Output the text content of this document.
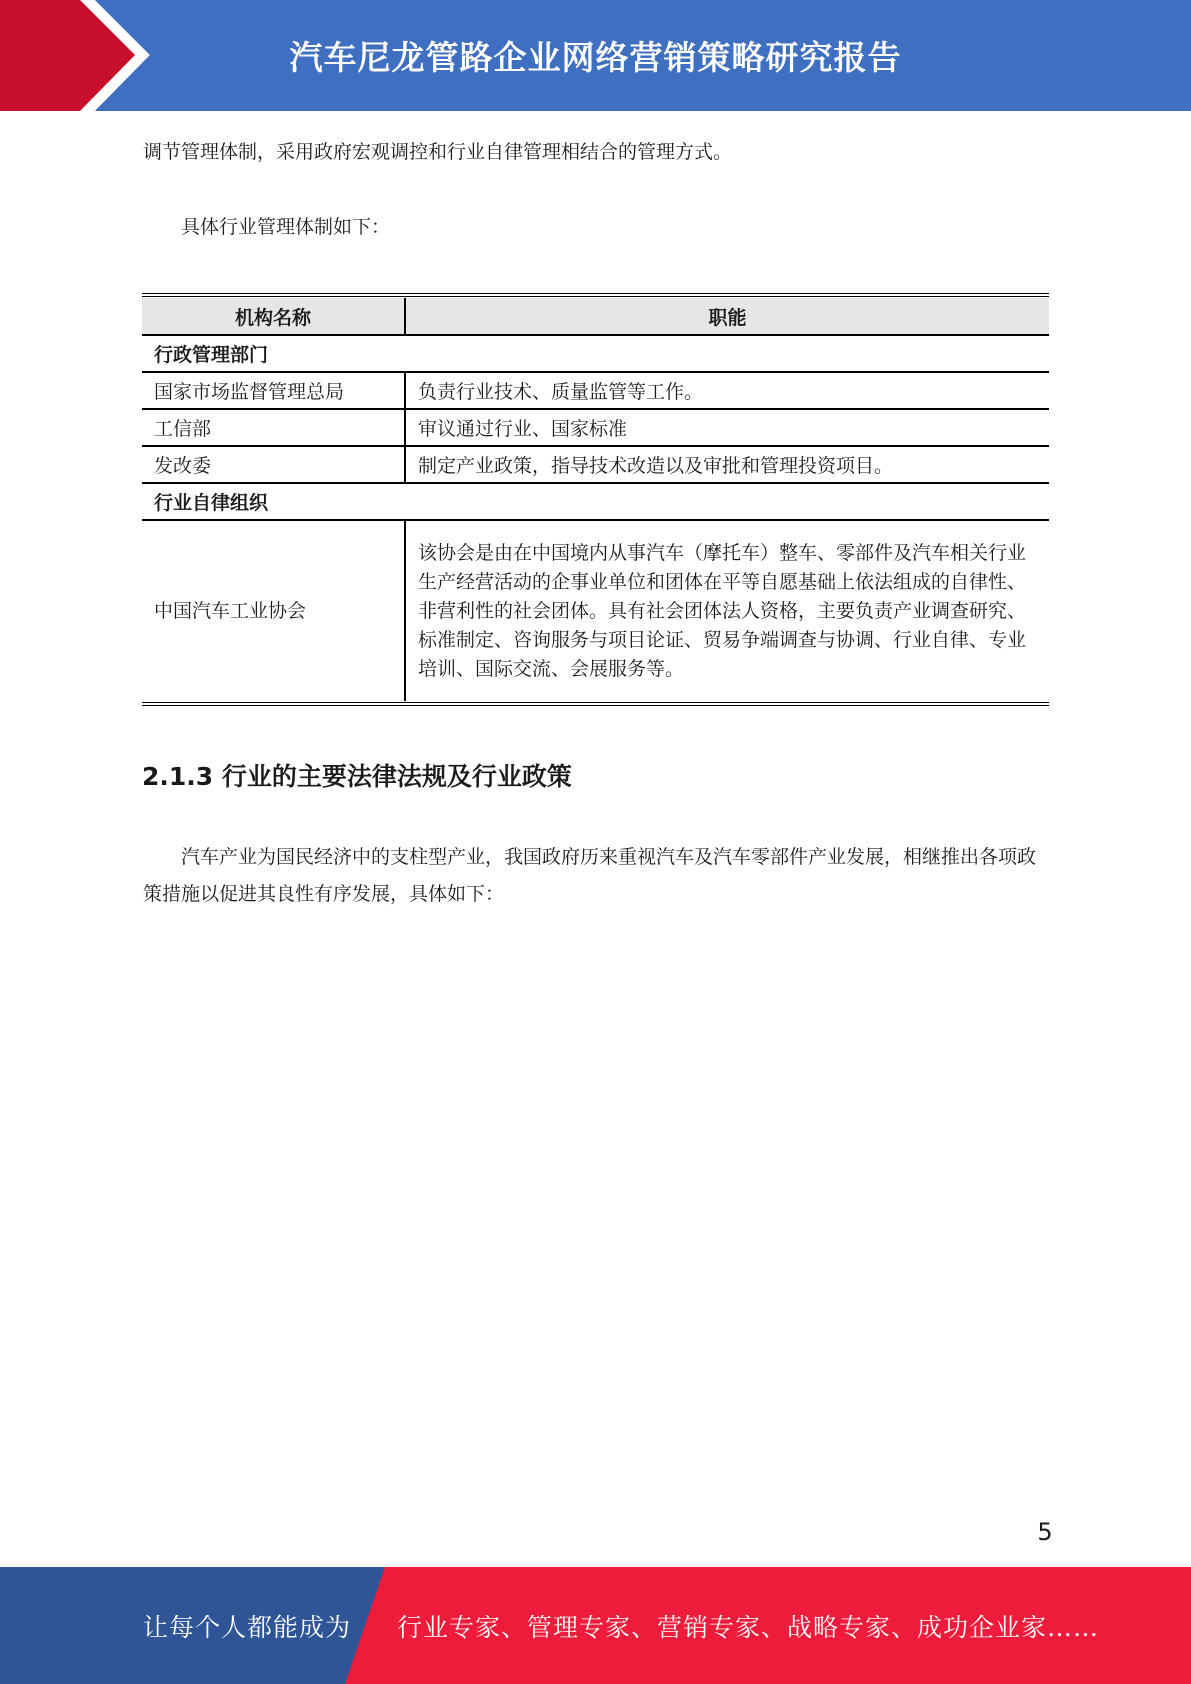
汽车尼龙管路企业网络营销策略研究报告

调节管理体制，采用政府宏观调控和行业自律管理相结合的管理方式。

具体行业管理体制如下：

机构名称	职能
行政管理部门	
国家市场监督管理总局	负责行业技术、质量监管等工作。
工信部	审议通过行业、国家标准
发改委	制定产业政策，指导技术改造以及审批和管理投资项目。
行业自律组织	
中国汽车工业协会	该协会是由在中国境内从事汽车（摩托车）整车、零部件及汽车相关行业生产经营活动的企事业单位和团体在平等自愿基础上依法组成的自律性、非营利性的社会团体。具有社会团体法人资格，主要负责产业调查研究、标准制定、咨询服务与项目论证、贸易争端调查与协调、行业自律、专业培训、国际交流、会展服务等。
2.1.3 行业的主要法律法规及行业政策

汽车产业为国民经济中的支柱型产业，我国政府历来重视汽车及汽车零部件产业发展，相继推出各项政策措施以促进其良性有序发展，具体如下：

5
让每个人都能成为 行业专家、管理专家、营销专家、战略专家、成功企业家……
